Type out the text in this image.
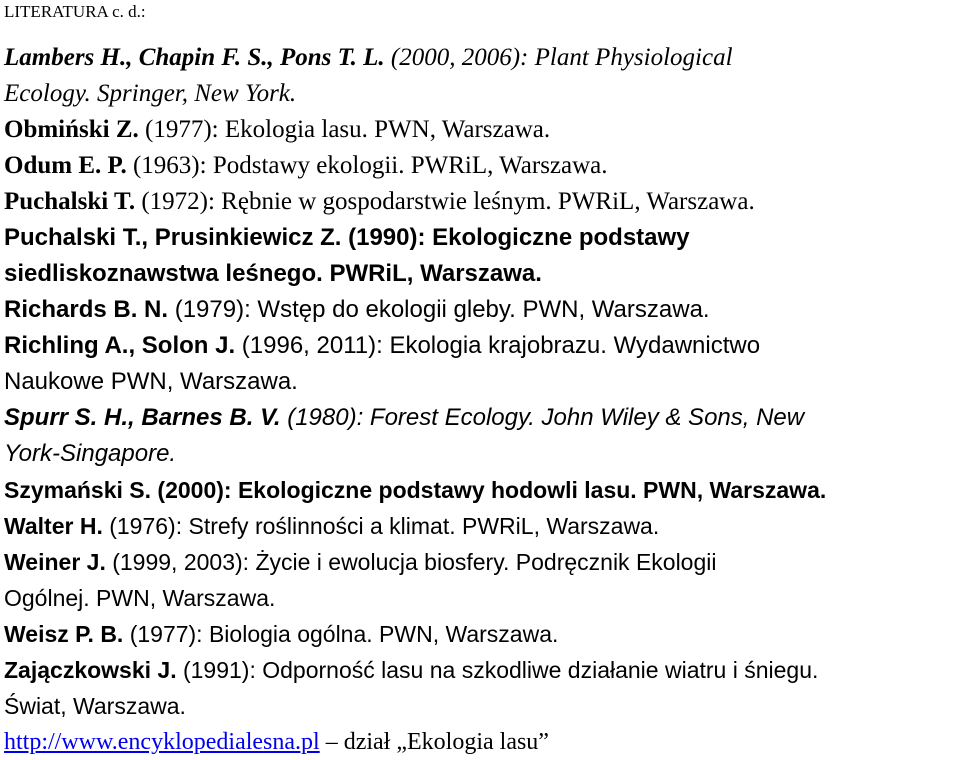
LITERATURA c. d.:
Lambers H., Chapin F. S., Pons T. L. (2000, 2006): Plant Physiological
Ecology. Springer, New York.
Obmiński Z. (1977): Ekologia lasu. PWN, Warszawa.
Odum E. P. (1963): Podstawy ekologii. PWRiL, Warszawa.
Puchalski T. (1972): Rębnie w gospodarstwie leśnym. PWRiL, Warszawa.
Puchalski T., Prusinkiewicz Z. (1990): Ekologiczne podstawy
siedliskoznawstwa leśnego. PWRiL, Warszawa.
Richards B. N. (1979): Wstęp do ekologii gleby. PWN, Warszawa.
Richling A., Solon J. (1996, 2011): Ekologia krajobrazu. Wydawnictwo
Naukowe PWN, Warszawa.
Spurr S. H., Barnes B. V. (1980): Forest Ecology. John Wiley & Sons, New
York-Singapore.
Szymański S. (2000): Ekologiczne podstawy hodowli lasu. PWN, Warszawa.
Walter H. (1976): Strefy roślinności a klimat. PWRiL, Warszawa.
Weiner J. (1999, 2003): Życie i ewolucja biosfery. Podręcznik Ekologii
Ogólnej. PWN, Warszawa.
Weisz P. B. (1977): Biologia ogólna. PWN, Warszawa.
Zajączkowski J. (1991): Odporność lasu na szkodliwe działanie wiatru i śniegu.
Świat, Warszawa.
http://www.encyklopedialesna.pl – dział „Ekologia lasu”
